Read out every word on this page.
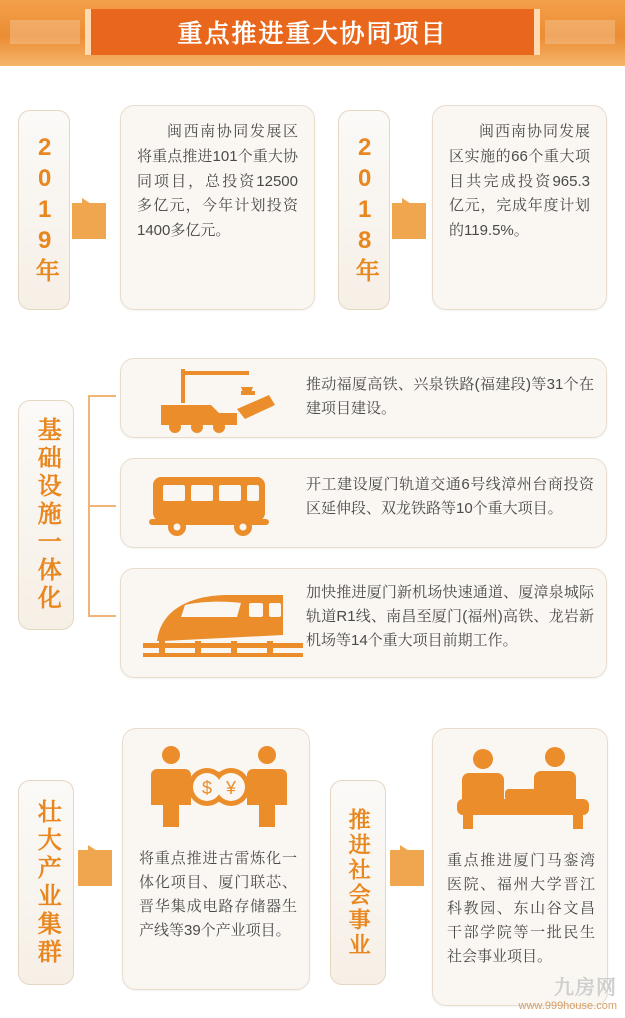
重点推进重大协同项目
2019年
闽西南协同发展区将重点推进101个重大协同项目，总投资12500多亿元，今年计划投资1400多亿元。	2018年
闽西南协同发展区实施的66个重大项目共完成投资965.3亿元，完成年度计划的119.5%。
基础设施一体化
推动福厦高铁、兴泉铁路(福建段)等31个在建项目建设。
开工建设厦门轨道交通6号线漳州台商投资区延伸段、双龙铁路等10个重大项目。
加快推进厦门新机场快速通道、厦漳泉城际轨道R1线、南昌至厦门(福州)高铁、龙岩新机场等14个重大项目前期工作。
壮大产业集群
$ ¥
将重点推进古雷炼化一体化项目、厦门联芯、晋华集成电路存储器生产线等39个产业项目。	推进社会事业	重点推进厦门马銮湾医院、福州大学晋江科教园、东山谷文昌干部学院等一批民生社会事业项目。
九房网
www.999house.com
